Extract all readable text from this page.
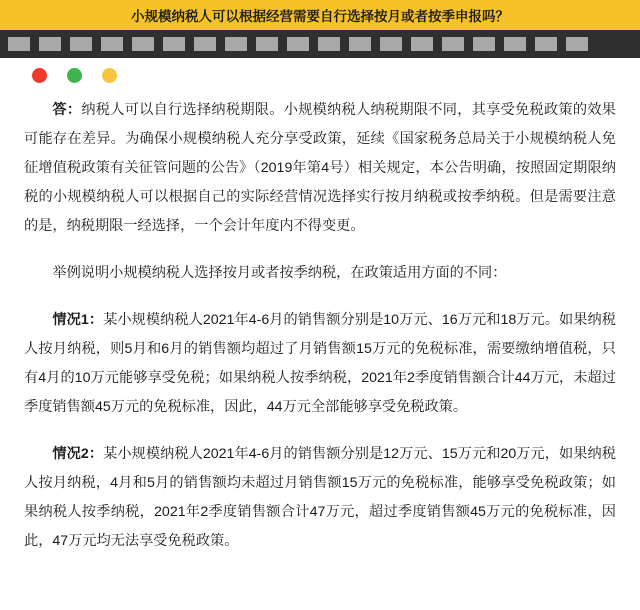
小规模纳税人可以根据经营需要自行选择按月或者按季申报吗？

答：纳税人可以自行选择纳税期限。小规模纳税人纳税期限不同，其享受免税政策的效果可能存在差异。为确保小规模纳税人充分享受政策，延续《国家税务总局关于小规模纳税人免征增值税政策有关征管问题的公告》（2019年第4号）相关规定，本公告明确，按照固定期限纳税的小规模纳税人可以根据自己的实际经营情况选择实行按月纳税或按季纳税。但是需要注意的是，纳税期限一经选择，一个会计年度内不得变更。

举例说明小规模纳税人选择按月或者按季纳税，在政策适用方面的不同：

情况1：某小规模纳税人2021年4-6月的销售额分别是10万元、16万元和18万元。如果纳税人按月纳税，则5月和6月的销售额均超过了月销售额15万元的免税标准，需要缴纳增值税，只有4月的10万元能够享受免税；如果纳税人按季纳税，2021年2季度销售额合计44万元，未超过季度销售额45万元的免税标准，因此，44万元全部能够享受免税政策。

情况2：某小规模纳税人2021年4-6月的销售额分别是12万元、15万元和20万元，如果纳税人按月纳税，4月和5月的销售额均未超过月销售额15万元的免税标准，能够享受免税政策；如果纳税人按季纳税，2021年2季度销售额合计47万元，超过季度销售额45万元的免税标准，因此，47万元均无法享受免税政策。
